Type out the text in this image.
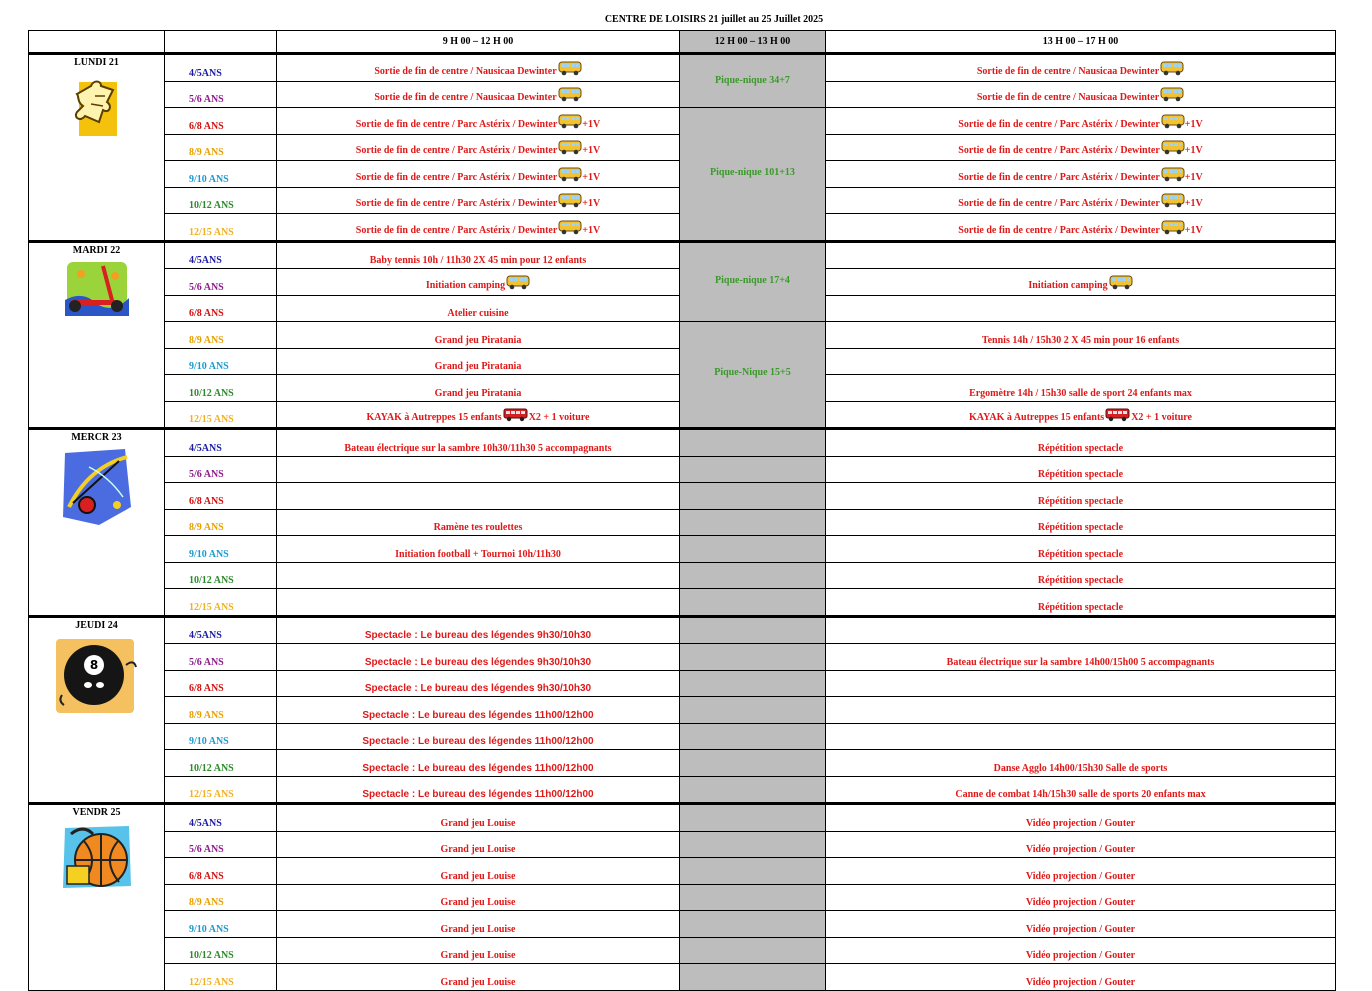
CENTRE DE LOISIRS 21 juillet au 25 Juillet 2025
		9 H 00 – 12 H 00	12 H 00 – 13 H 00	13 H 00 – 17 H 00

LUNDI 21	4/5ANS	Sortie de fin de centre / Nausicaa Dewinter	Pique-nique 34+7	Sortie de fin de centre / Nausicaa Dewinter
	5/6 ANS	Sortie de fin de centre / Nausicaa Dewinter		Sortie de fin de centre / Nausicaa Dewinter
	6/8 ANS	Sortie de fin de centre / Parc Astérix / Dewinter +1V	Pique-nique 101+13	Sortie de fin de centre / Parc Astérix / Dewinter +1V
	8/9 ANS	Sortie de fin de centre / Parc Astérix / Dewinter +1V		Sortie de fin de centre / Parc Astérix / Dewinter +1V
	9/10 ANS	Sortie de fin de centre / Parc Astérix / Dewinter +1V		Sortie de fin de centre / Parc Astérix / Dewinter +1V
	10/12 ANS	Sortie de fin de centre / Parc Astérix / Dewinter +1V		Sortie de fin de centre / Parc Astérix / Dewinter +1V
	12/15 ANS	Sortie de fin de centre / Parc Astérix / Dewinter +1V		Sortie de fin de centre / Parc Astérix / Dewinter +1V

MARDI 22	4/5ANS	Baby tennis 10h / 11h30 2X 45 min pour 12 enfants	Pique-nique 17+4	
	5/6 ANS	Initiation camping		Initiation camping
	6/8 ANS	Atelier cuisine		
	8/9 ANS	Grand jeu Piratania	Pique-Nique 15+5	Tennis 14h / 15h30 2 X 45 min pour 16 enfants
	9/10 ANS	Grand jeu Piratania		
	10/12 ANS	Grand jeu Piratania		Ergomètre 14h / 15h30 salle de sport 24 enfants max
	12/15 ANS	KAYAK à Autreppes 15 enfants X2 + 1 voiture		KAYAK à Autreppes 15 enfants X2 + 1 voiture

MERCR 23	4/5ANS	Bateau électrique sur la sambre 10h30/11h30 5 accompagnants		Répétition spectacle
	5/6 ANS			Répétition spectacle
	6/8 ANS			Répétition spectacle
	8/9 ANS	Ramène tes roulettes		Répétition spectacle
	9/10 ANS	Initiation football + Tournoi 10h/11h30		Répétition spectacle
	10/12 ANS			Répétition spectacle
	12/15 ANS			Répétition spectacle

JEUDI 24
8	4/5ANS	Spectacle : Le bureau des légendes 9h30/10h30		
	5/6 ANS	Spectacle : Le bureau des légendes 9h30/10h30		Bateau électrique sur la sambre 14h00/15h00 5 accompagnants
	6/8 ANS	Spectacle : Le bureau des légendes 9h30/10h30		
	8/9 ANS	Spectacle : Le bureau des légendes 11h00/12h00		
	9/10 ANS	Spectacle : Le bureau des légendes 11h00/12h00		
	10/12 ANS	Spectacle : Le bureau des légendes 11h00/12h00		Danse Agglo 14h00/15h30 Salle de sports
	12/15 ANS	Spectacle : Le bureau des légendes 11h00/12h00		Canne de combat 14h/15h30 salle de sports 20 enfants max

VENDR 25	4/5ANS	Grand jeu Louise		Vidéo projection / Gouter
	5/6 ANS	Grand jeu Louise		Vidéo projection / Gouter
	6/8 ANS	Grand jeu Louise		Vidéo projection / Gouter
	8/9 ANS	Grand jeu Louise		Vidéo projection / Gouter
	9/10 ANS	Grand jeu Louise		Vidéo projection / Gouter
	10/12 ANS	Grand jeu Louise		Vidéo projection / Gouter
	12/15 ANS	Grand jeu Louise		Vidéo projection / Gouter
